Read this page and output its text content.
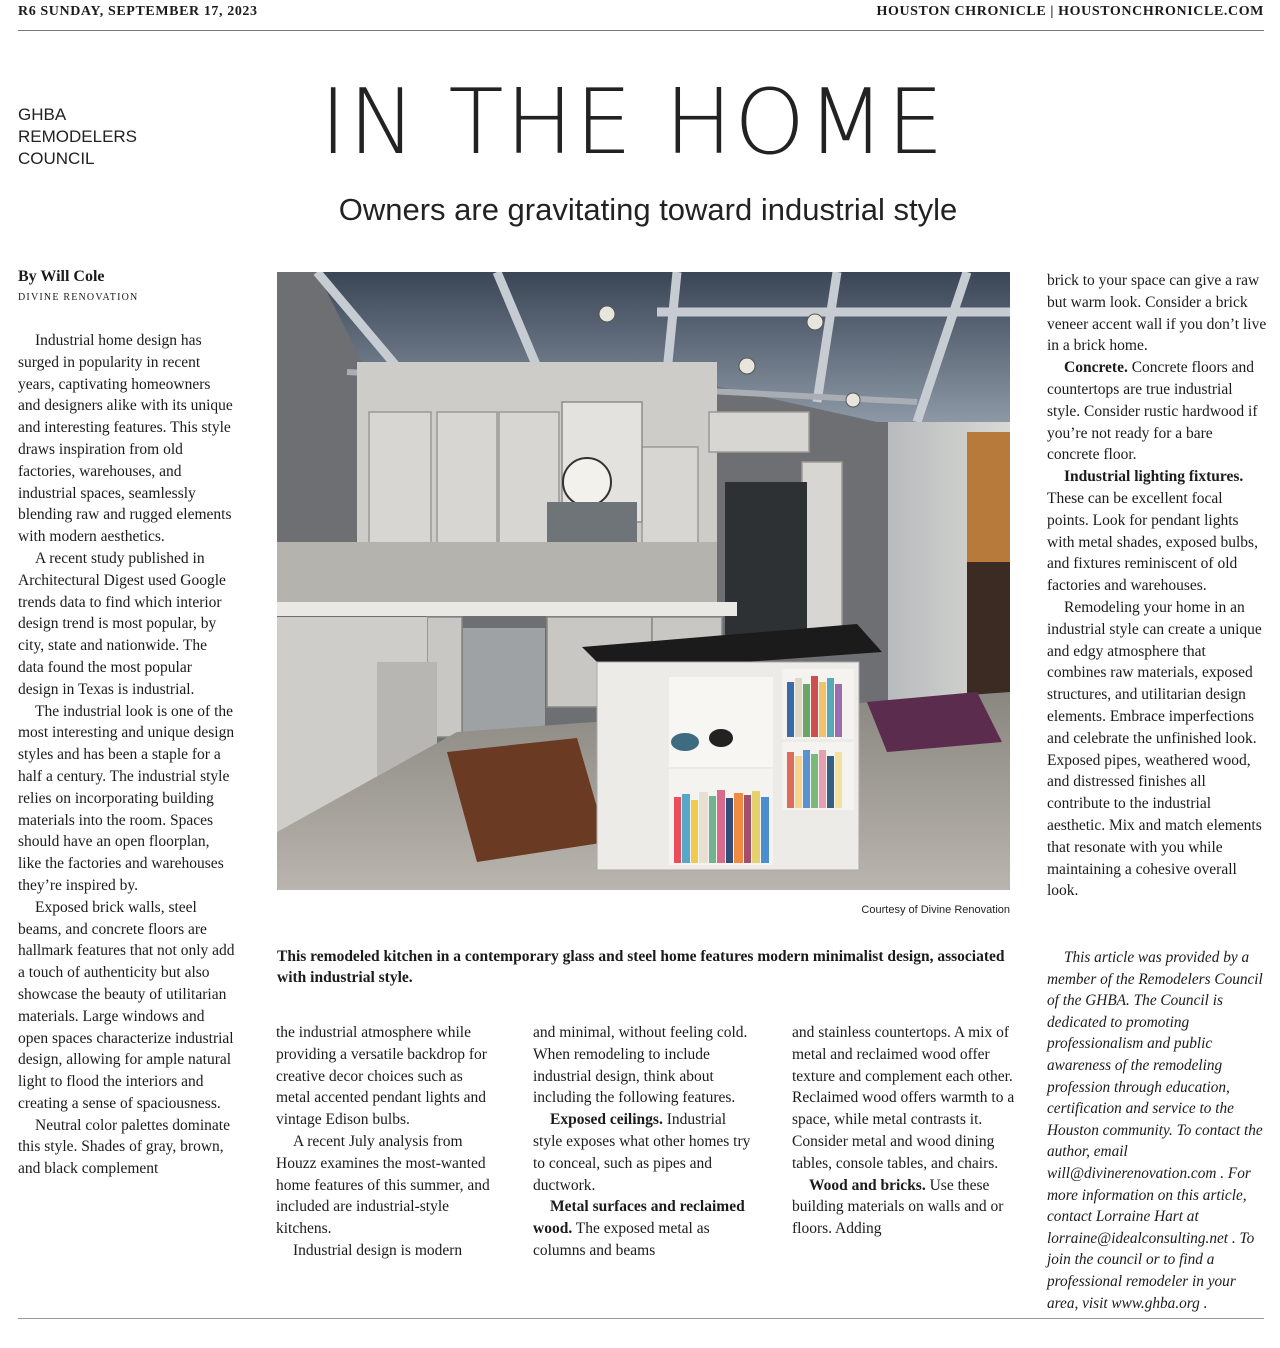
R6 SUNDAY, SEPTEMBER 17, 2023	HOUSTON CHRONICLE | HOUSTONCHRONICLE.COM
GHBA
REMODELERS
COUNCIL	IN THE HOME
Owners are gravitating toward industrial style
By Will Cole
DIVINE RENOVATION

Industrial home design has surged in popularity in recent years, captivating homeowners and designers alike with its unique and interesting features. This style draws inspiration from old factories, warehouses, and industrial spaces, seamlessly blending raw and rugged elements with modern aesthetics.

A recent study published in Architectural Digest used Google trends data to find which interior design trend is most popular, by city, state and nationwide. The data found the most popular design in Texas is industrial.

The industrial look is one of the most interesting and unique design styles and has been a staple for a half a century. The industrial style relies on incorporating building materials into the room. Spaces should have an open floorplan, like the factories and warehouses they’re inspired by.

Exposed brick walls, steel beams, and concrete floors are hallmark features that not only add a touch of authenticity but also showcase the beauty of utilitarian materials. Large windows and open spaces characterize industrial design, allowing for ample natural light to flood the interiors and creating a sense of spaciousness.

Neutral color palettes dominate this style. Shades of gray, brown, and black complement

Courtesy of Divine Renovation
This remodeled kitchen in a contemporary glass and steel home features modern minimalist design, associated with industrial style.

the industrial atmosphere while providing a versatile backdrop for creative decor choices such as metal accented pendant lights and vintage Edison bulbs.

A recent July analysis from Houzz examines the most-wanted home features of this summer, and included are industrial-style kitchens.

Industrial design is modern

and minimal, without feeling cold. When remodeling to include industrial design, think about including the following features.

Exposed ceilings. Industrial style exposes what other homes try to conceal, such as pipes and ductwork.

Metal surfaces and reclaimed wood. The exposed metal as columns and beams

and stainless countertops. A mix of metal and reclaimed wood offer texture and complement each other. Reclaimed wood offers warmth to a space, while metal contrasts it. Consider metal and wood dining tables, console tables, and chairs.

Wood and bricks. Use these building materials on walls and or floors. Adding

brick to your space can give a raw but warm look. Consider a brick veneer accent wall if you don’t live in a brick home.

Concrete. Concrete floors and countertops are true industrial style. Consider rustic hardwood if you’re not ready for a bare concrete floor.

Industrial lighting fixtures. These can be excellent focal points. Look for pendant lights with metal shades, exposed bulbs, and fixtures reminiscent of old factories and warehouses.

Remodeling your home in an industrial style can create a unique and edgy atmosphere that combines raw materials, exposed structures, and utilitarian design elements. Embrace imperfections and celebrate the unfinished look. Exposed pipes, weathered wood, and distressed finishes all contribute to the industrial aesthetic. Mix and match elements that resonate with you while maintaining a cohesive overall look.

This article was provided by a member of the Remodelers Council of the GHBA. The Council is dedicated to promoting professionalism and public awareness of the remodeling profession through education, certification and service to the Houston community. To contact the author, email will@divinerenovation.com . For more information on this article, contact Lorraine Hart at lorraine@idealconsulting.net . To join the council or to find a professional remodeler in your area, visit www.ghba.org .
